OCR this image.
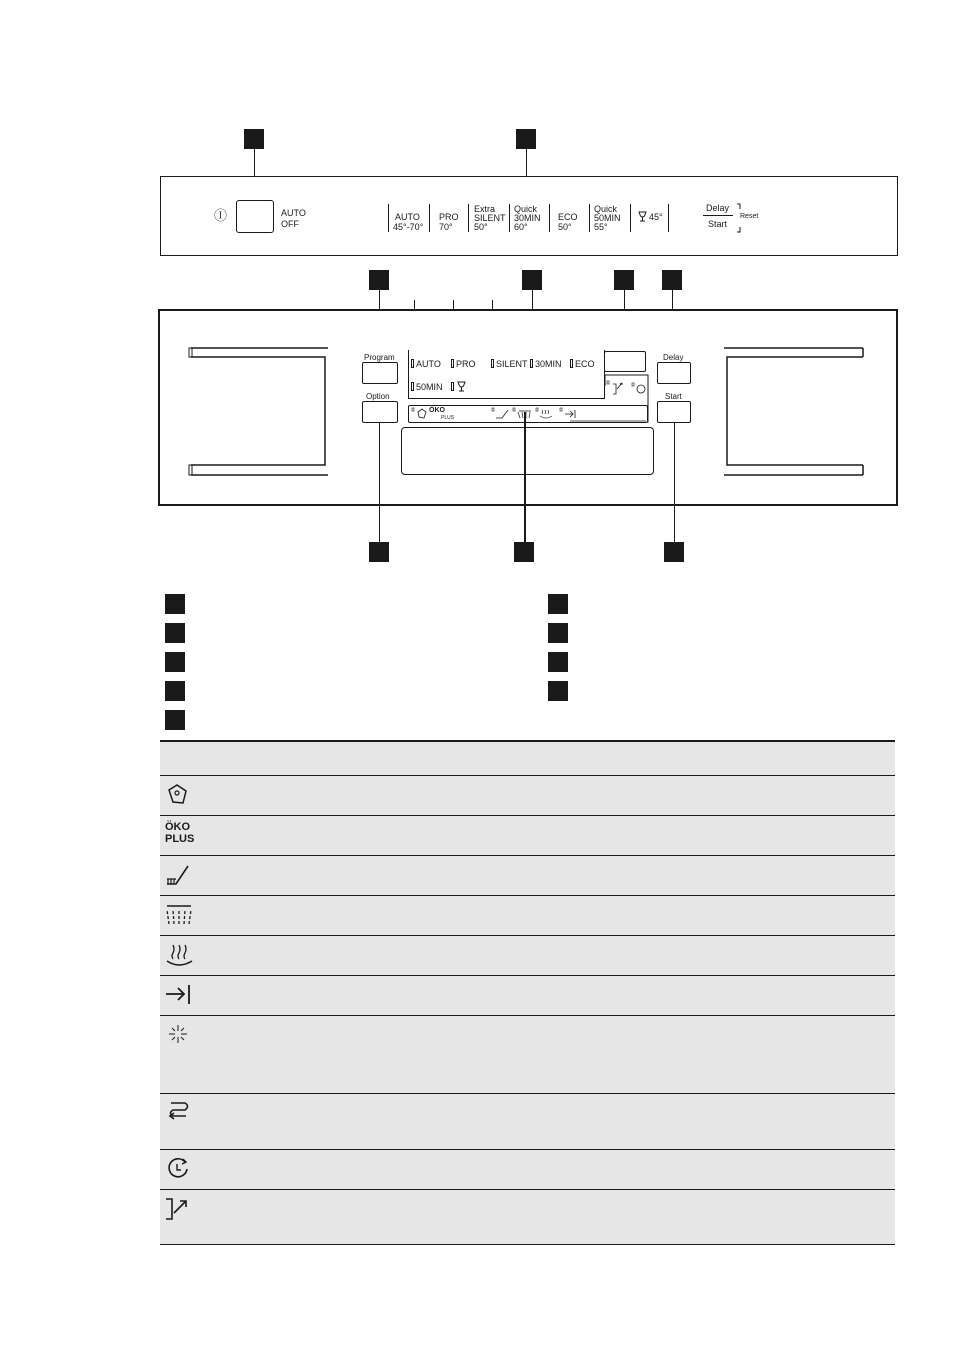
Ⓘ	AUTO
OFF
AUTO
45°-70°
PRO
70°
Extra
SILENT
50°
Quick
30MIN
60°
ECO
50°
Quick
50MIN
55°
45°
Delay
Start
Reset
Program
Option
Delay
Start
AUTO	PRO	SILENT 30MIN	ECO
50MIN
ÖKO
PLUS
ÖKO
PLUS
